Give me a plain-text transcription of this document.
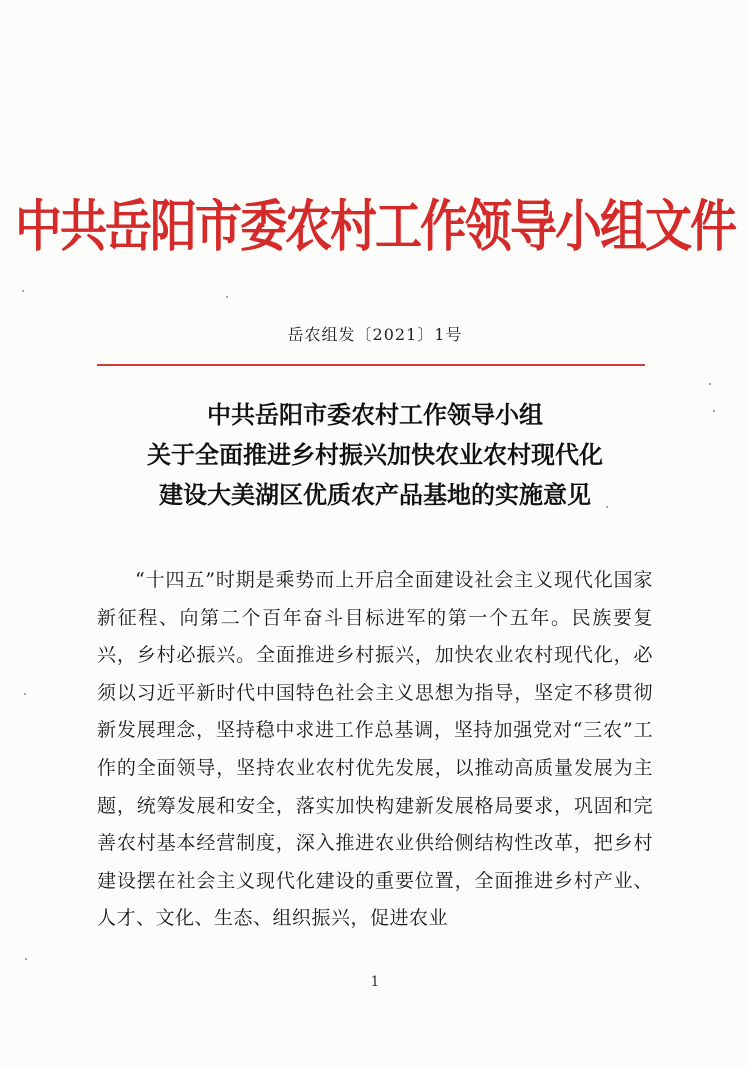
中共岳阳市委农村工作领导小组文件
岳农组发〔2021〕1号
中共岳阳市委农村工作领导小组
关于全面推进乡村振兴加快农业农村现代化
建设大美湖区优质农产品基地的实施意见
“十四五”时期是乘势而上开启全面建设社会主义现代化国家新征程、向第二个百年奋斗目标进军的第一个五年。民族要复兴，乡村必振兴。全面推进乡村振兴，加快农业农村现代化，必须以习近平新时代中国特色社会主义思想为指导，坚定不移贯彻新发展理念，坚持稳中求进工作总基调，坚持加强党对“三农”工作的全面领导，坚持农业农村优先发展，以推动高质量发展为主题，统筹发展和安全，落实加快构建新发展格局要求，巩固和完善农村基本经营制度，深入推进农业供给侧结构性改革，把乡村建设摆在社会主义现代化建设的重要位置，全面推进乡村产业、人才、文化、生态、组织振兴，促进农业
1
